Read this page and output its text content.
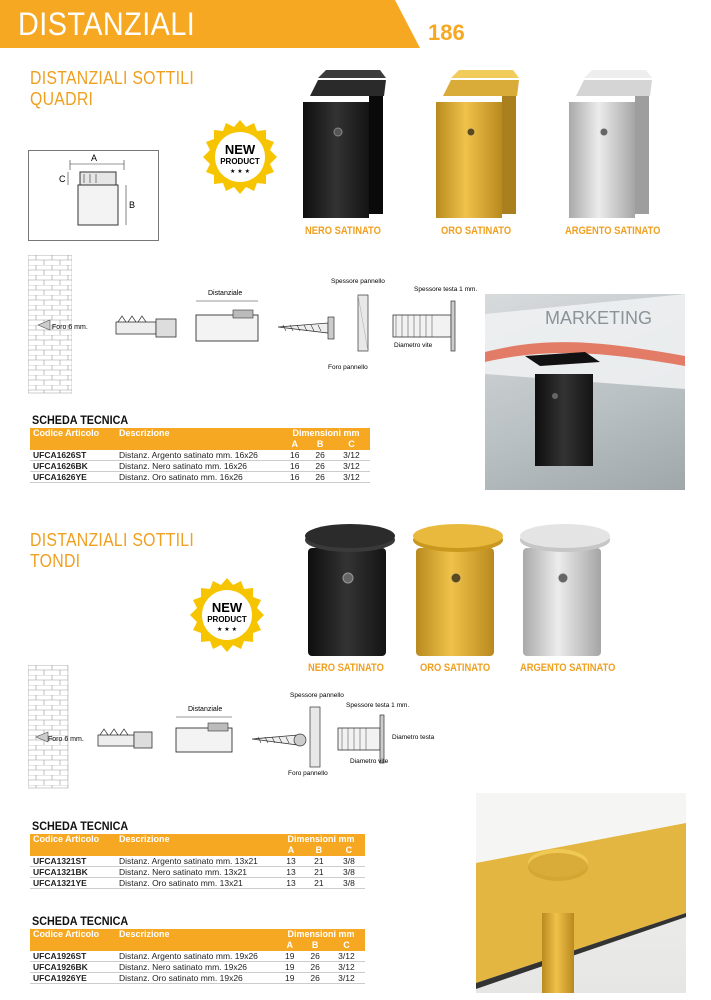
DISTANZIALI	186
DISTANZIALI SOTTILI
QUADRI
A
C
B
NEW
PRODUCT
★ ★ ★
NERO SATINATO	ORO SATINATO	ARGENTO SATINATO
Foro 6 mm.
Distanziale
Spessore pannello
Foro pannello
Spessore testa 1 mm.
Diametro vite
MARKETING
SCHEDA TECNICA
Codice Articolo	Descrizione	Dimensioni mm		
		A	B	C
UFCA1626ST	Distanz. Argento satinato mm. 16x26	16	26	3/12
UFCA1626BK	Distanz. Nero satinato mm. 16x26	16	26	3/12
UFCA1626YE	Distanz. Oro satinato mm. 16x26	16	26	3/12
DISTANZIALI SOTTILI
TONDI
NEW
PRODUCT
★ ★ ★
NERO SATINATO	ORO SATINATO	ARGENTO SATINATO
Foro 6 mm.
Distanziale
Spessore pannello
Foro pannello
Spessore testa 1 mm.
Diametro testa
Diametro vite
SCHEDA TECNICA
Codice Articolo	Descrizione	Dimensioni mm		
		A	B	C
UFCA1321ST	Distanz. Argento satinato mm. 13x21	13	21	3/8
UFCA1321BK	Distanz. Nero satinato mm. 13x21	13	21	3/8
UFCA1321YE	Distanz. Oro satinato mm. 13x21	13	21	3/8
SCHEDA TECNICA
Codice Articolo	Descrizione	Dimensioni mm		
		A	B	C
UFCA1926ST	Distanz. Argento satinato mm. 19x26	19	26	3/12
UFCA1926BK	Distanz. Nero satinato mm. 19x26	19	26	3/12
UFCA1926YE	Distanz. Oro satinato mm. 19x26	19	26	3/12
